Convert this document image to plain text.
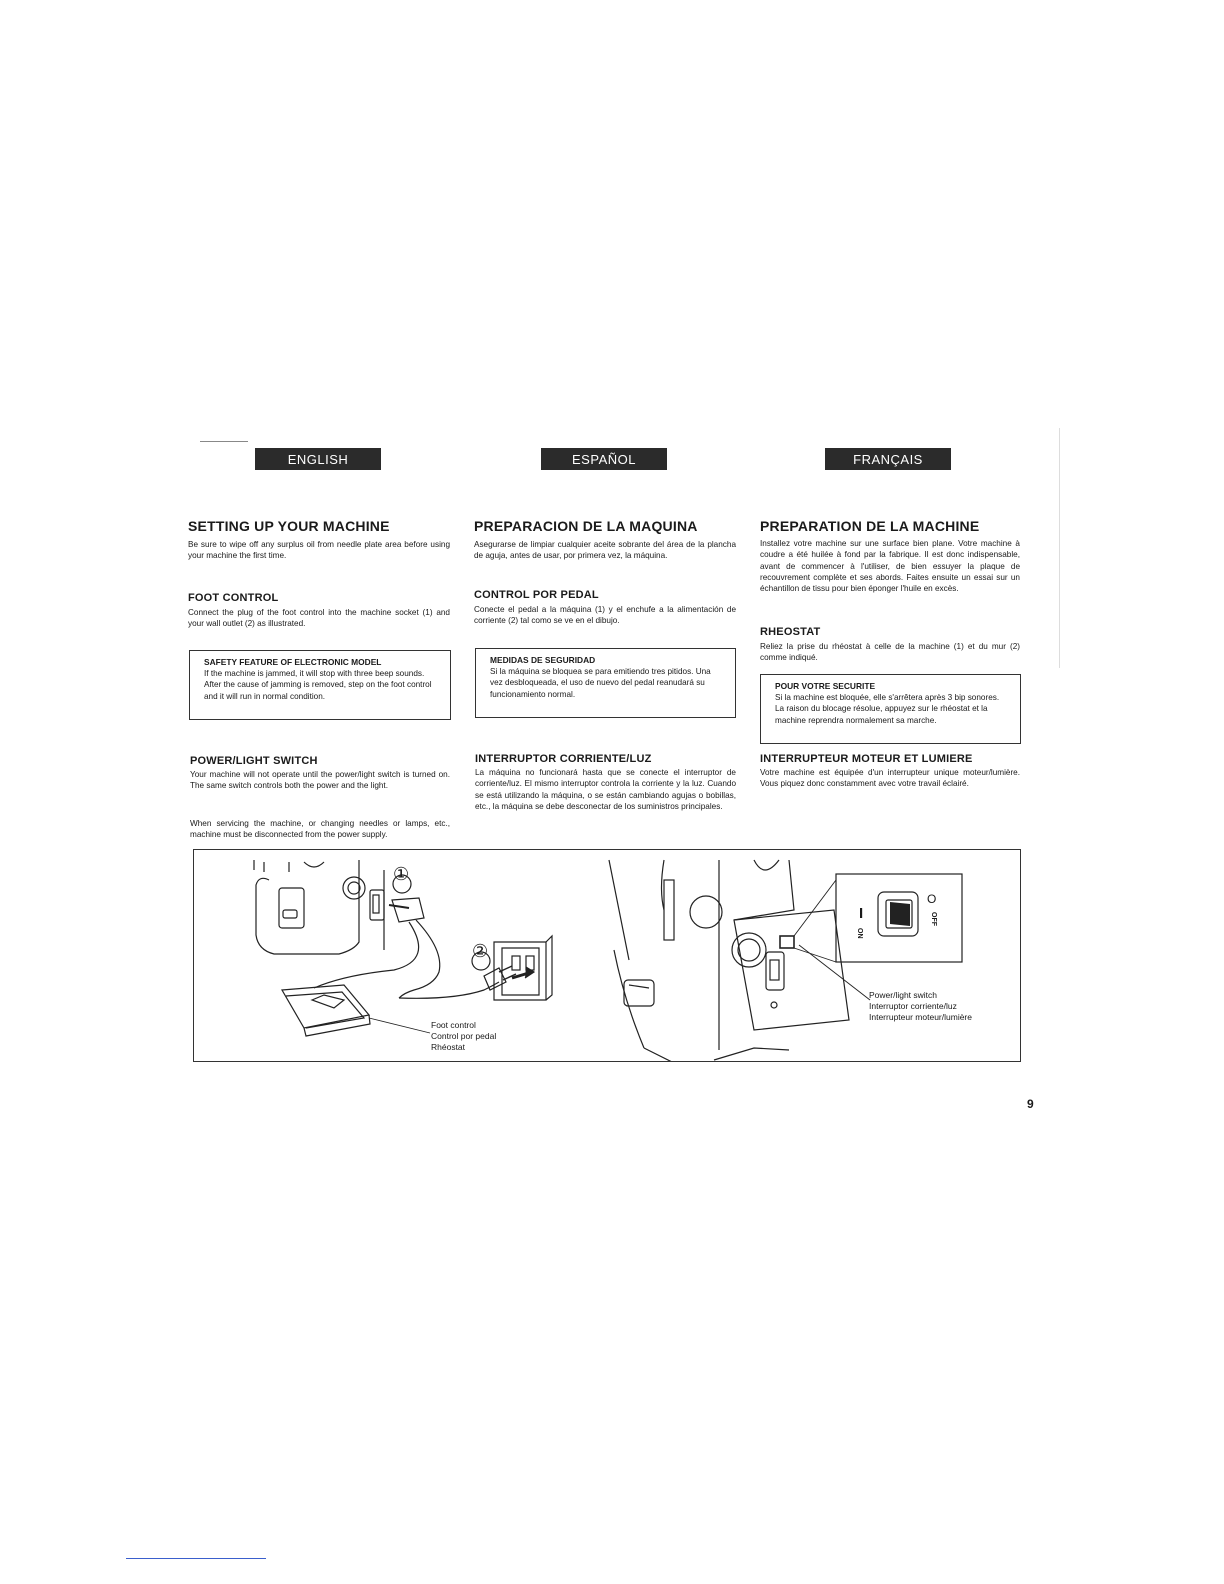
ENGLISH	ESPAÑOL	FRANÇAIS
SETTING UP YOUR MACHINE

Be sure to wipe off any surplus oil from needle plate area before using your machine the first time.

FOOT CONTROL

Connect the plug of the foot control into the machine socket (1) and your wall outlet (2) as illustrated.

SAFETY FEATURE OF ELECTRONIC MODEL
If the machine is jammed, it will stop with three beep sounds. After the cause of jamming is removed, step on the foot control and it will run in normal condition.
POWER/LIGHT SWITCH

Your machine will not operate until the power/light switch is turned on. The same switch controls both the power and the light.

When servicing the machine, or changing needles or lamps, etc., machine must be disconnected from the power supply.

PREPARACION DE LA MAQUINA

Asegurarse de limpiar cualquier aceite sobrante del área de la plancha de aguja, antes de usar, por primera vez, la máquina.

CONTROL POR PEDAL

Conecte el pedal a la máquina (1) y el enchufe a la alimentación de corriente (2) tal como se ve en el dibujo.

MEDIDAS DE SEGURIDAD
Si la máquina se bloquea se para emitiendo tres pitidos. Una vez desbloqueada, el uso de nuevo del pedal reanudará su funcionamiento normal.
INTERRUPTOR CORRIENTE/LUZ

La máquina no funcionará hasta que se conecte el interruptor de corriente/luz. El mismo interruptor controla la corriente y la luz. Cuando se está utilizando la máquina, o se están cambiando agujas o bobillas, etc., la máquina se debe desconectar de los suministros principales.

PREPARATION DE LA MACHINE

Installez votre machine sur une surface bien plane. Votre machine à coudre a été huilée à fond par la fabrique. Il est donc indispensable, avant de commencer à l'utiliser, de bien essuyer la plaque de recouvrement complète et ses abords. Faites ensuite un essai sur un échantillon de tissu pour bien éponger l'huile en excès.

RHEOSTAT

Reliez la prise du rhéostat à celle de la machine (1) et du mur (2) comme indiqué.

POUR VOTRE SECURITE
Si la machine est bloquée, elle s'arrêtera après 3 bip sonores. La raison du blocage résolue, appuyez sur le rhéostat et la machine reprendra normalement sa marche.
INTERRUPTEUR MOTEUR ET LUMIERE

Votre machine est équipée d'un interrupteur unique moteur/lumière. Vous piquez donc constamment avec votre travail éclairé.

①
②
I
O
ON
OFF
Foot control
Control por pedal
Rhéostat
Power/light switch
Interruptor corriente/luz
Interrupteur moteur/lumière
9
